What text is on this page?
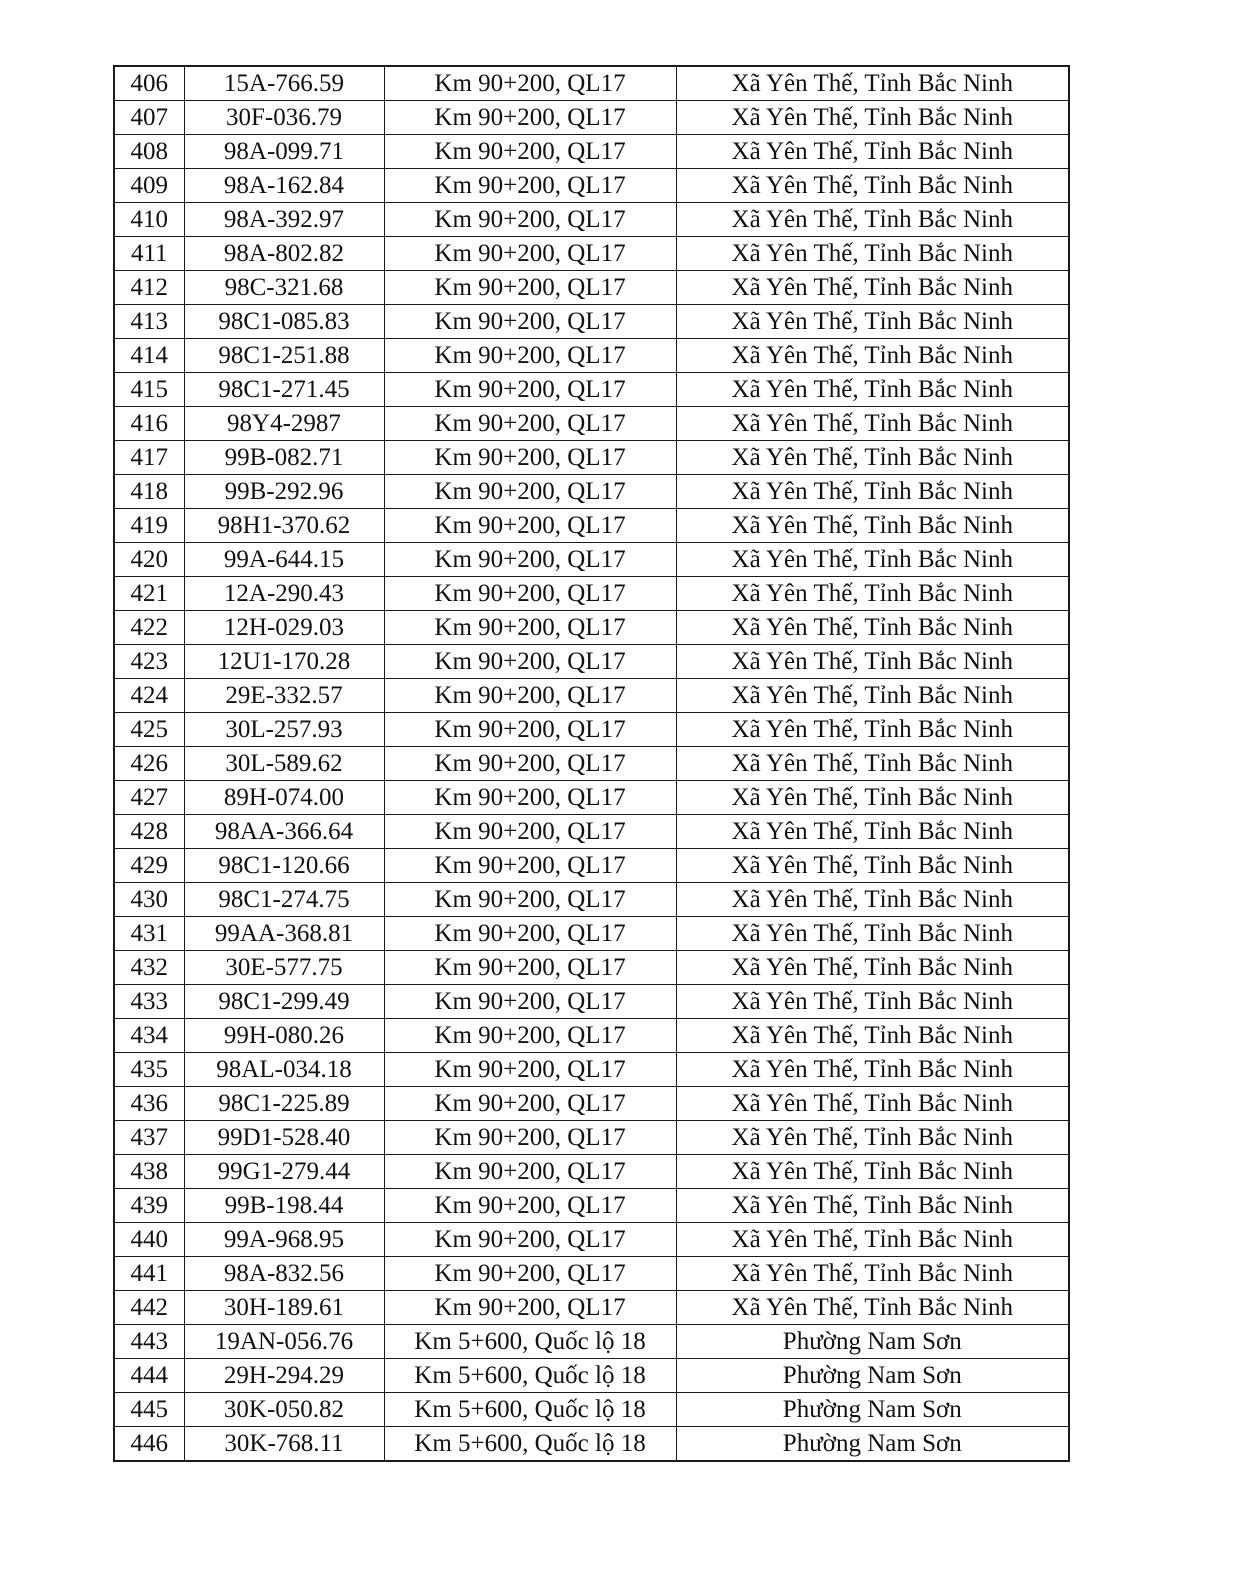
406	15A-766.59	Km 90+200, QL17	Xã Yên Thế, Tỉnh Bắc Ninh
407	30F-036.79	Km 90+200, QL17	Xã Yên Thế, Tỉnh Bắc Ninh
408	98A-099.71	Km 90+200, QL17	Xã Yên Thế, Tỉnh Bắc Ninh
409	98A-162.84	Km 90+200, QL17	Xã Yên Thế, Tỉnh Bắc Ninh
410	98A-392.97	Km 90+200, QL17	Xã Yên Thế, Tỉnh Bắc Ninh
411	98A-802.82	Km 90+200, QL17	Xã Yên Thế, Tỉnh Bắc Ninh
412	98C-321.68	Km 90+200, QL17	Xã Yên Thế, Tỉnh Bắc Ninh
413	98C1-085.83	Km 90+200, QL17	Xã Yên Thế, Tỉnh Bắc Ninh
414	98C1-251.88	Km 90+200, QL17	Xã Yên Thế, Tỉnh Bắc Ninh
415	98C1-271.45	Km 90+200, QL17	Xã Yên Thế, Tỉnh Bắc Ninh
416	98Y4-2987	Km 90+200, QL17	Xã Yên Thế, Tỉnh Bắc Ninh
417	99B-082.71	Km 90+200, QL17	Xã Yên Thế, Tỉnh Bắc Ninh
418	99B-292.96	Km 90+200, QL17	Xã Yên Thế, Tỉnh Bắc Ninh
419	98H1-370.62	Km 90+200, QL17	Xã Yên Thế, Tỉnh Bắc Ninh
420	99A-644.15	Km 90+200, QL17	Xã Yên Thế, Tỉnh Bắc Ninh
421	12A-290.43	Km 90+200, QL17	Xã Yên Thế, Tỉnh Bắc Ninh
422	12H-029.03	Km 90+200, QL17	Xã Yên Thế, Tỉnh Bắc Ninh
423	12U1-170.28	Km 90+200, QL17	Xã Yên Thế, Tỉnh Bắc Ninh
424	29E-332.57	Km 90+200, QL17	Xã Yên Thế, Tỉnh Bắc Ninh
425	30L-257.93	Km 90+200, QL17	Xã Yên Thế, Tỉnh Bắc Ninh
426	30L-589.62	Km 90+200, QL17	Xã Yên Thế, Tỉnh Bắc Ninh
427	89H-074.00	Km 90+200, QL17	Xã Yên Thế, Tỉnh Bắc Ninh
428	98AA-366.64	Km 90+200, QL17	Xã Yên Thế, Tỉnh Bắc Ninh
429	98C1-120.66	Km 90+200, QL17	Xã Yên Thế, Tỉnh Bắc Ninh
430	98C1-274.75	Km 90+200, QL17	Xã Yên Thế, Tỉnh Bắc Ninh
431	99AA-368.81	Km 90+200, QL17	Xã Yên Thế, Tỉnh Bắc Ninh
432	30E-577.75	Km 90+200, QL17	Xã Yên Thế, Tỉnh Bắc Ninh
433	98C1-299.49	Km 90+200, QL17	Xã Yên Thế, Tỉnh Bắc Ninh
434	99H-080.26	Km 90+200, QL17	Xã Yên Thế, Tỉnh Bắc Ninh
435	98AL-034.18	Km 90+200, QL17	Xã Yên Thế, Tỉnh Bắc Ninh
436	98C1-225.89	Km 90+200, QL17	Xã Yên Thế, Tỉnh Bắc Ninh
437	99D1-528.40	Km 90+200, QL17	Xã Yên Thế, Tỉnh Bắc Ninh
438	99G1-279.44	Km 90+200, QL17	Xã Yên Thế, Tỉnh Bắc Ninh
439	99B-198.44	Km 90+200, QL17	Xã Yên Thế, Tỉnh Bắc Ninh
440	99A-968.95	Km 90+200, QL17	Xã Yên Thế, Tỉnh Bắc Ninh
441	98A-832.56	Km 90+200, QL17	Xã Yên Thế, Tỉnh Bắc Ninh
442	30H-189.61	Km 90+200, QL17	Xã Yên Thế, Tỉnh Bắc Ninh
443	19AN-056.76	Km 5+600, Quốc lộ 18	Phường Nam Sơn
444	29H-294.29	Km 5+600, Quốc lộ 18	Phường Nam Sơn
445	30K-050.82	Km 5+600, Quốc lộ 18	Phường Nam Sơn
446	30K-768.11	Km 5+600, Quốc lộ 18	Phường Nam Sơn
